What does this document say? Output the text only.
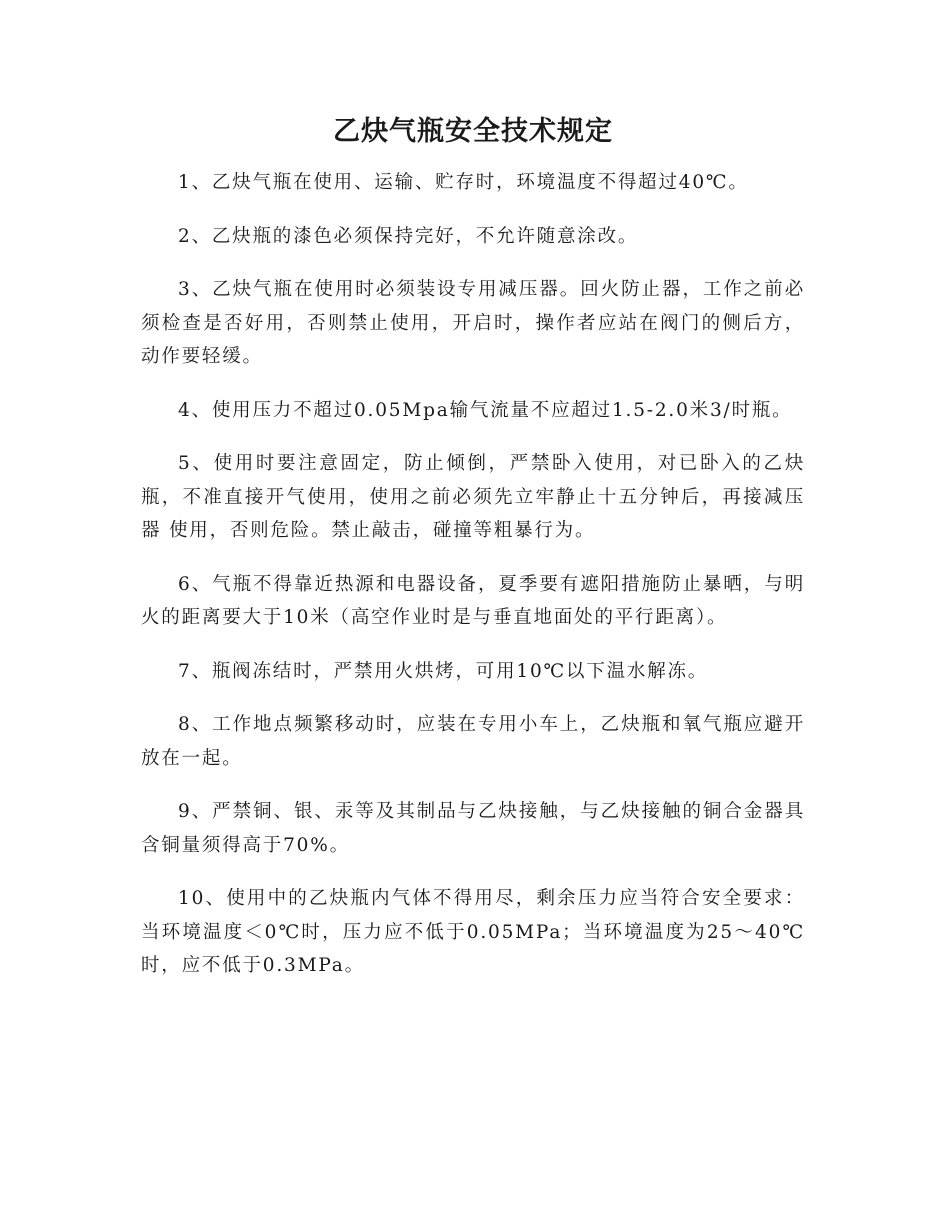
乙炔气瓶安全技术规定

1、乙炔气瓶在使用、运输、贮存时，环境温度不得超过40℃。

2、乙炔瓶的漆色必须保持完好，不允许随意涂改。

3、乙炔气瓶在使用时必须装设专用减压器。回火防止器，工作之前必须检查是否好用，否则禁止使用，开启时，操作者应站在阀门的侧后方，动作要轻缓。

4、使用压力不超过0.05Mpa输气流量不应超过1.5-2.0米3/时瓶。

5、使用时要注意固定，防止倾倒，严禁卧入使用，对已卧入的乙炔瓶，不准直接开气使用，使用之前必须先立牢静止十五分钟后，再接减压器 使用，否则危险。禁止敲击，碰撞等粗暴行为。

6、气瓶不得靠近热源和电器设备，夏季要有遮阳措施防止暴晒，与明火的距离要大于10米（高空作业时是与垂直地面处的平行距离）。

7、瓶阀冻结时，严禁用火烘烤，可用10℃以下温水解冻。

8、工作地点频繁移动时，应装在专用小车上，乙炔瓶和氧气瓶应避开放在一起。

9、严禁铜、银、汞等及其制品与乙炔接触，与乙炔接触的铜合金器具含铜量须得高于70%。

10、使用中的乙炔瓶内气体不得用尽，剩余压力应当符合安全要求：当环境温度＜0℃时，压力应不低于0.05MPa；当环境温度为25～40℃时，应不低于0.3MPa。
